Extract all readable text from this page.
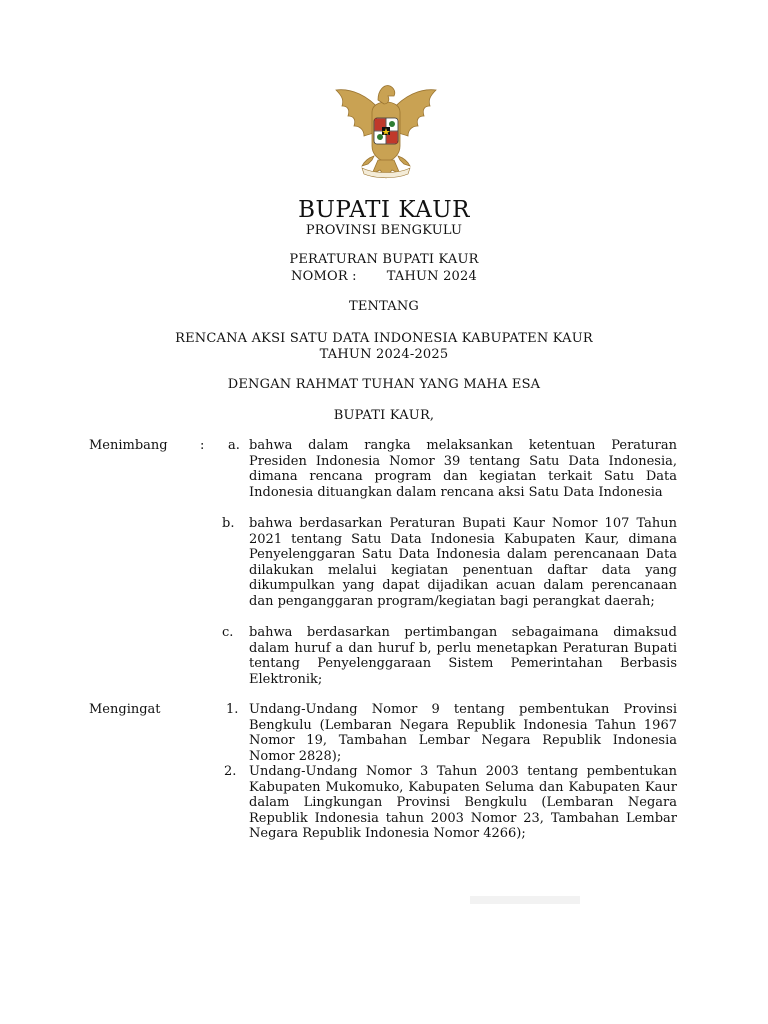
BUPATI KAUR
PROVINSI BENGKULU
PERATURAN BUPATI KAUR
NOMOR : TAHUN 2024
TENTANG
RENCANA AKSI SATU DATA INDONESIA KABUPATEN KAUR
TAHUN 2024-2025
DENGAN RAHMAT TUHAN YANG MAHA ESA
BUPATI KAUR,
Menimbang : a. bahwa dalam rangka melaksankan ketentuan Peraturan Presiden Indonesia Nomor 39 tentang Satu Data Indonesia, dimana rencana program dan kegiatan terkait Satu Data Indonesia dituangkan dalam rencana aksi Satu Data Indonesia
b. bahwa berdasarkan Peraturan Bupati Kaur Nomor 107 Tahun 2021 tentang Satu Data Indonesia Kabupaten Kaur, dimana Penyelenggaran Satu Data Indonesia dalam perencanaan Data dilakukan melalui kegiatan penentuan daftar data yang dikumpulkan yang dapat dijadikan acuan dalam perencanaan dan penganggaran program/kegiatan bagi perangkat daerah;
c. bahwa berdasarkan pertimbangan sebagaimana dimaksud dalam huruf a dan huruf b, perlu menetapkan Peraturan Bupati tentang Penyelenggaraan Sistem Pemerintahan Berbasis Elektronik;
Mengingat	1. Undang-Undang Nomor 9 tentang pembentukan Provinsi Bengkulu (Lembaran Negara Republik Indonesia Tahun 1967 Nomor 19, Tambahan Lembar Negara Republik Indonesia Nomor 2828);
2. Undang-Undang Nomor 3 Tahun 2003 tentang pembentukan Kabupaten Mukomuko, Kabupaten Seluma dan Kabupaten Kaur dalam Lingkungan Provinsi Bengkulu (Lembaran Negara Republik Indonesia tahun 2003 Nomor 23, Tambahan Lembar Negara Republik Indonesia Nomor 4266);
